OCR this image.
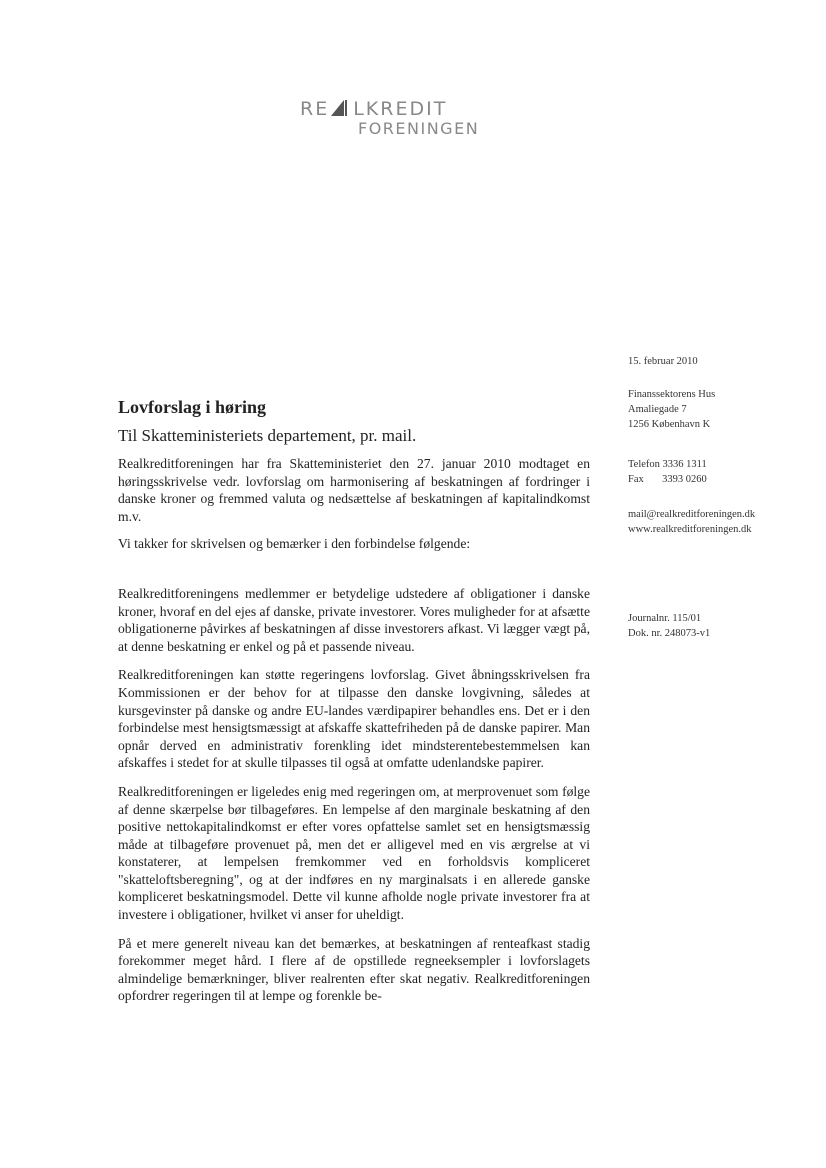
RE LKREDIT
FORENINGEN
15. februar 2010
Finanssektorens Hus
Amaliegade 7
1256 København K
Telefon 3336 1311
Fax       3393 0260
mail@realkreditforeningen.dk
www.realkreditforeningen.dk
Journalnr. 115/01
Dok. nr. 248073-v1
Lovforslag i høring
Til Skatteministeriets departement, pr. mail.

Realkreditforeningen har fra Skatteministeriet den 27. januar 2010 modtaget en høringsskrivelse vedr. lovforslag om harmonisering af beskatningen af fordringer i danske kroner og fremmed valuta og nedsættelse af beskatningen af kapitalindkomst m.v.

Vi takker for skrivelsen og bemærker i den forbindelse følgende:

Realkreditforeningens medlemmer er betydelige udstedere af obligationer i danske kroner, hvoraf en del ejes af danske, private investorer. Vores muligheder for at afsætte obligationerne påvirkes af beskatningen af disse investorers afkast. Vi lægger vægt på, at denne beskatning er enkel og på et passende niveau.

Realkreditforeningen kan støtte regeringens lovforslag. Givet åbningsskrivelsen fra Kommissionen er der behov for at tilpasse den danske lovgivning, således at kursgevinster på danske og andre EU-landes værdipapirer behandles ens. Det er i den forbindelse mest hensigtsmæssigt at afskaffe skattefriheden på de danske papirer. Man opnår derved en administrativ forenkling idet mindsterentebestemmelsen kan afskaffes i stedet for at skulle tilpasses til også at omfatte udenlandske papirer.

Realkreditforeningen er ligeledes enig med regeringen om, at merprovenuet som følge af denne skærpelse bør tilbageføres. En lempelse af den marginale beskatning af den positive nettokapitalindkomst er efter vores opfattelse samlet set en hensigtsmæssig måde at tilbageføre provenuet på, men det er alligevel med en vis ærgrelse at vi konstaterer, at lempelsen fremkommer ved en forholdsvis kompliceret "skatteloftsberegning", og at der indføres en ny marginalsats i en allerede ganske kompliceret beskatningsmodel. Dette vil kunne afholde nogle private investorer fra at investere i obligationer, hvilket vi anser for uheldigt.

På et mere generelt niveau kan det bemærkes, at beskatningen af renteafkast stadig forekommer meget hård. I flere af de opstillede regneeksempler i lovforslagets almindelige bemærkninger, bliver realrenten efter skat negativ. Realkreditforeningen opfordrer regeringen til at lempe og forenkle be-
